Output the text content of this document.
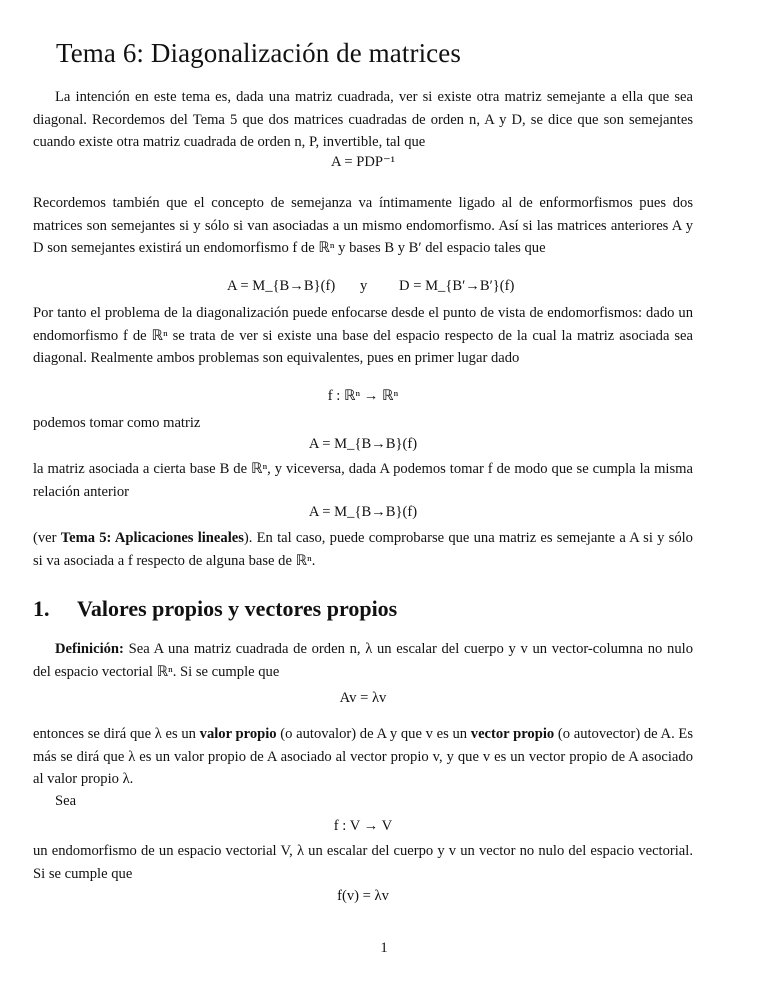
Tema 6: Diagonalización de matrices

La intención en este tema es, dada una matriz cuadrada, ver si existe otra matriz semejante a ella que sea diagonal. Recordemos del Tema 5 que dos matrices cuadradas de orden n, A y D, se dice que son semejantes cuando existe otra matriz cuadrada de orden n, P, invertible, tal que

A = PDP⁻¹

Recordemos también que el concepto de semejanza va íntimamente ligado al de enformorfismos pues dos matrices son semejantes si y sólo si van asociadas a un mismo endomorfismo. Así si las matrices anteriores A y D son semejantes existirá un endomorfismo f de ℝⁿ y bases B y B′ del espacio tales que

A = M_{B→B}(f) y D = M_{B′→B′}(f)

Por tanto el problema de la diagonalización puede enfocarse desde el punto de vista de endomorfismos: dado un endomorfismo f de ℝⁿ se trata de ver si existe una base del espacio respecto de la cual la matriz asociada sea diagonal. Realmente ambos problemas son equivalentes, pues en primer lugar dado

f : ℝⁿ → ℝⁿ

podemos tomar como matriz

A = M_{B→B}(f)

la matriz asociada a cierta base B de ℝⁿ, y viceversa, dada A podemos tomar f de modo que se cumpla la misma relación anterior

A = M_{B→B}(f)

(ver Tema 5: Aplicaciones lineales). En tal caso, puede comprobarse que una matriz es semejante a A si y sólo si va asociada a f respecto de alguna base de ℝⁿ.

1. Valores propios y vectores propios

Definición: Sea A una matriz cuadrada de orden n, λ un escalar del cuerpo y v un vector-columna no nulo del espacio vectorial ℝⁿ. Si se cumple que

Av = λv

entonces se dirá que λ es un valor propio (o autovalor) de A y que v es un vector propio (o autovector) de A. Es más se dirá que λ es un valor propio de A asociado al vector propio v, y que v es un vector propio de A asociado al valor propio λ.

Sea

f : V → V

un endomorfismo de un espacio vectorial V, λ un escalar del cuerpo y v un vector no nulo del espacio vectorial. Si se cumple que

f(v) = λv
1
